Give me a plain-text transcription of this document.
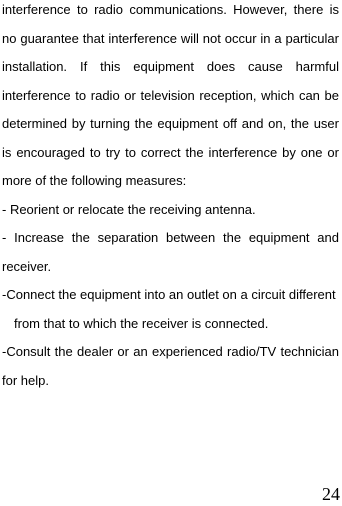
interference to radio communications. However, there is no guarantee that interference will not occur in a particular installation. If this equipment does cause harmful interference to radio or television reception, which can be determined by turning the equipment off and on, the user is encouraged to try to correct the interference by one or more of the following measures:

- Reorient or relocate the receiving antenna.

- Increase the separation between the equipment and receiver.

-Connect the equipment into an outlet on a circuit different
from that to which the receiver is connected.

-Consult the dealer or an experienced radio/TV technician for help.

24
